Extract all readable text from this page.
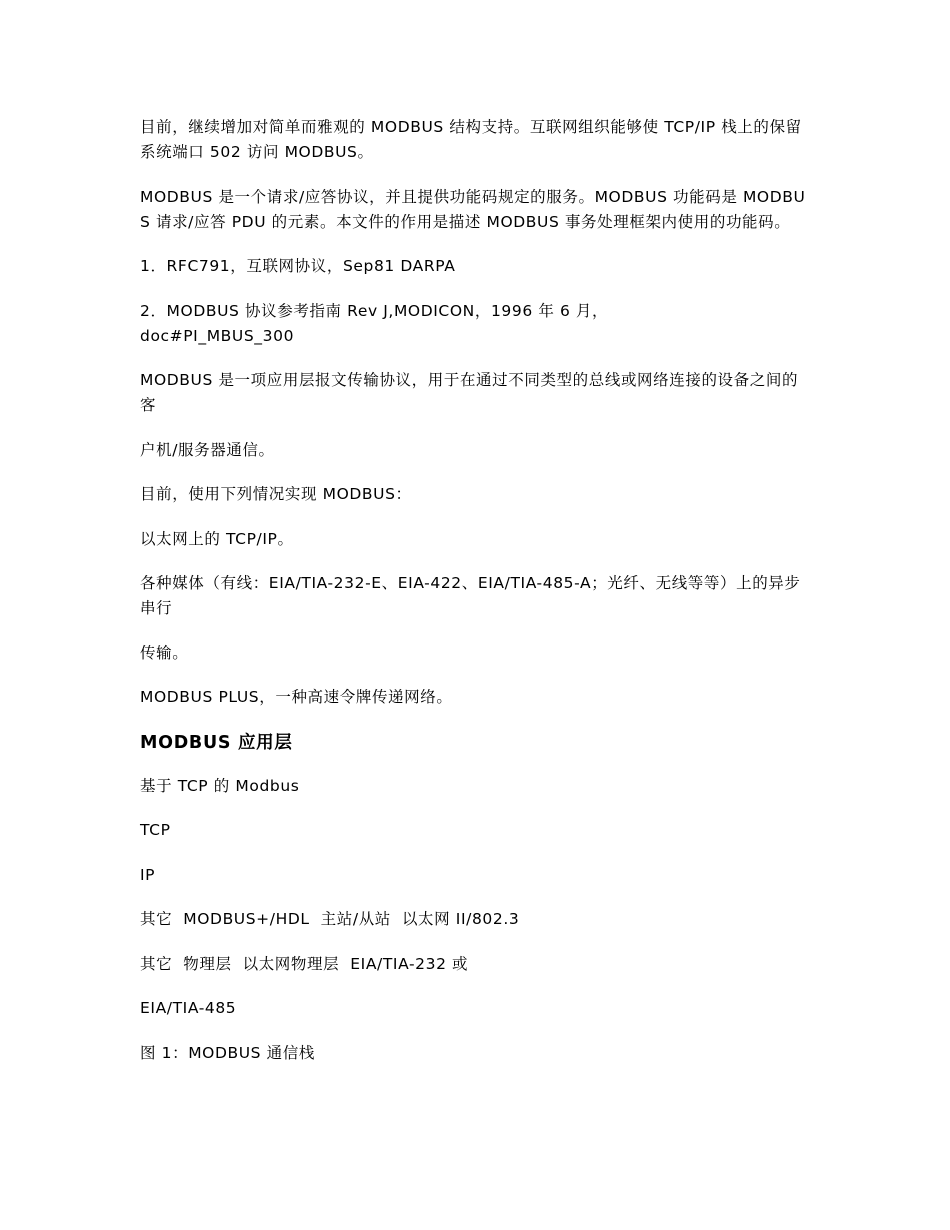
目前，继续增加对简单而雅观的 MODBUS 结构支持。互联网组织能够使 TCP/IP 栈上的保留系统端口 502 访问 MODBUS。

MODBUS 是一个请求/应答协议，并且提供功能码规定的服务。MODBUS 功能码是 MODBUS 请求/应答 PDU 的元素。本文件的作用是描述 MODBUS 事务处理框架内使用的功能码。

1．RFC791，互联网协议，Sep81 DARPA

2．MODBUS 协议参考指南 Rev J,MODICON，1996 年 6 月，
doc#PI_MBUS_300

MODBUS 是一项应用层报文传输协议，用于在通过不同类型的总线或网络连接的设备之间的客

户机/服务器通信。

目前，使用下列情况实现 MODBUS：

以太网上的 TCP/IP。

各种媒体（有线：EIA/TIA-232-E、EIA-422、EIA/TIA-485-A；光纤、无线等等）上的异步串行

传输。

MODBUS PLUS，一种高速令牌传递网络。

MODBUS 应用层

基于 TCP 的 Modbus

TCP

IP

其它  MODBUS+/HDL  主站/从站  以太网 II/802.3

其它  物理层  以太网物理层  EIA/TIA-232 或

EIA/TIA-485

图 1：MODBUS 通信栈
